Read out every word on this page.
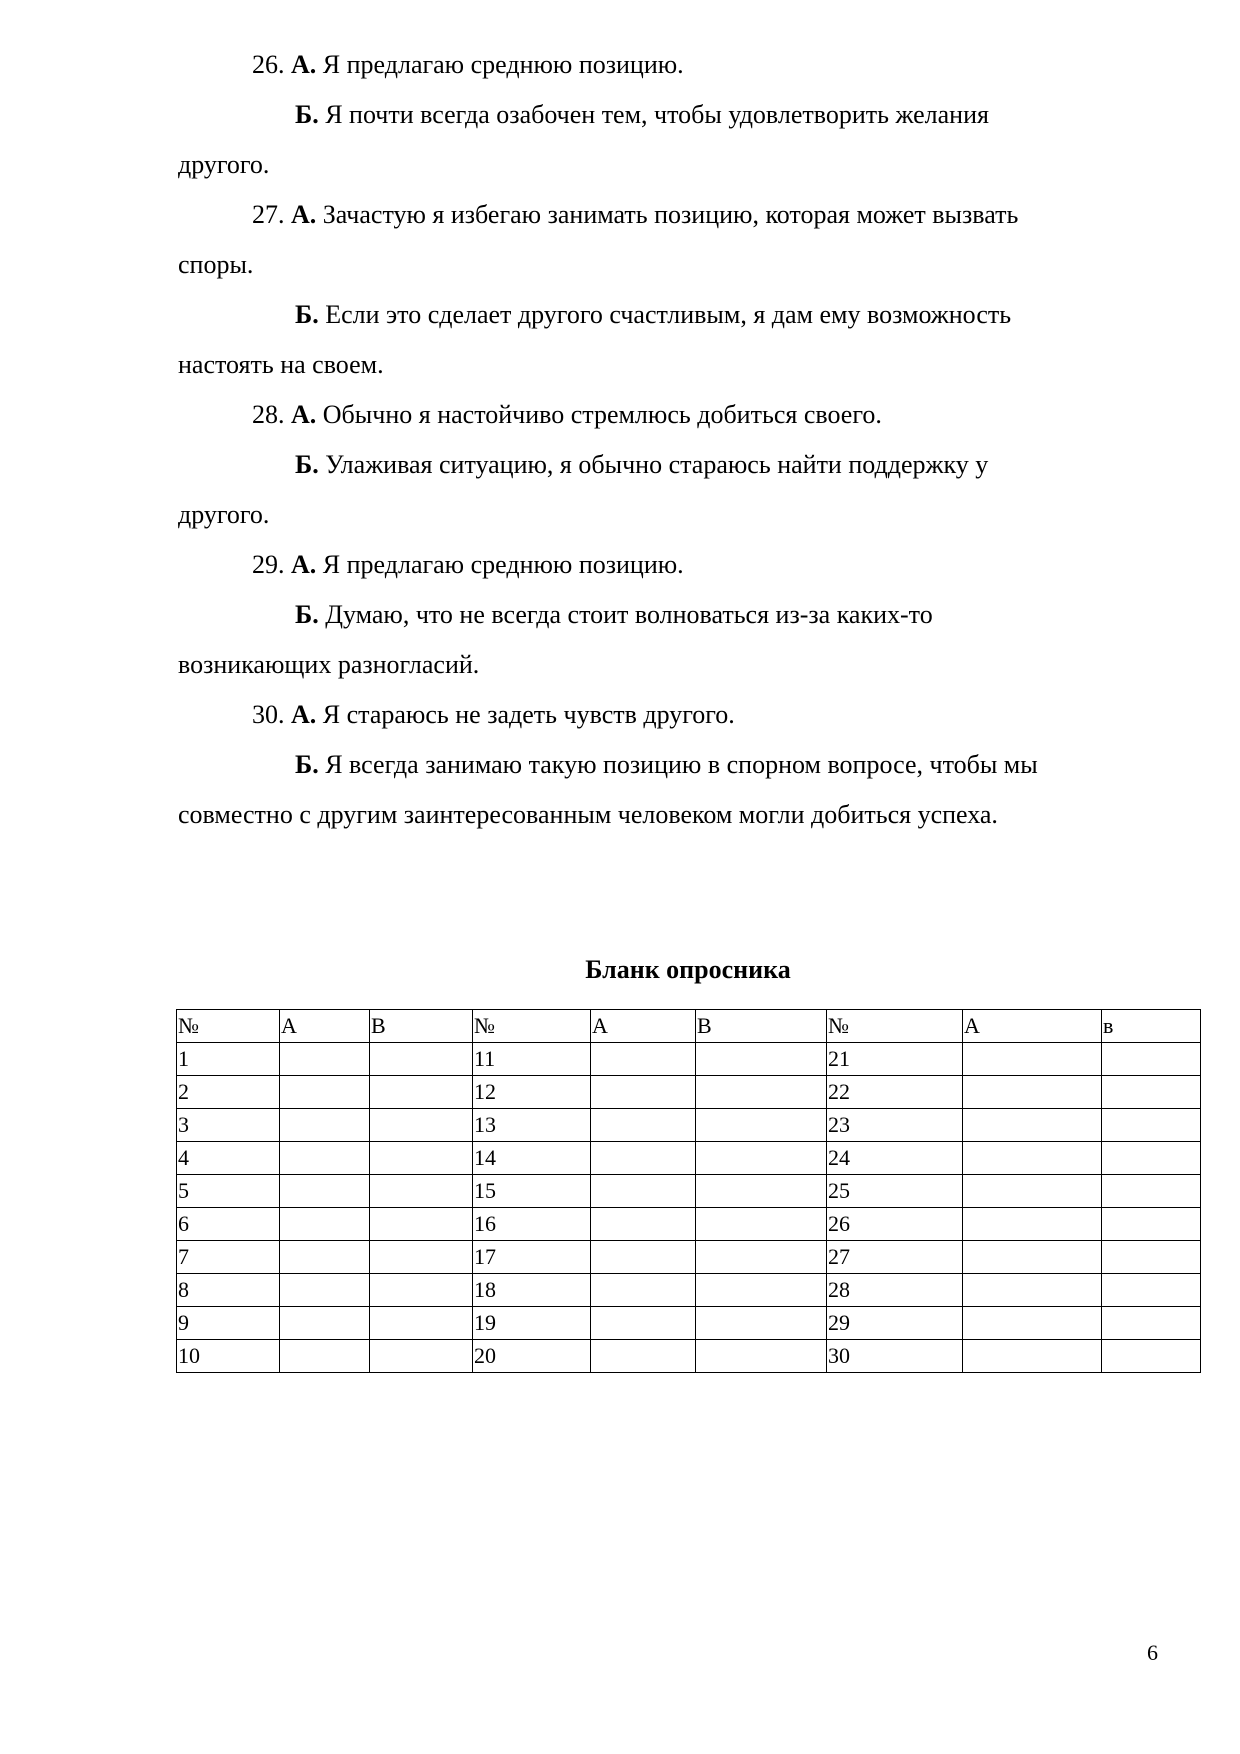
26. А. Я предлагаю среднюю позицию.
Б. Я почти всегда озабочен тем, чтобы удовлетворить желания
другого.
27. А. Зачастую я избегаю занимать позицию, которая может вызвать
споры.
Б. Если это сделает другого счастливым, я дам ему возможность
настоять на своем.
28. А. Обычно я настойчиво стремлюсь добиться своего.
Б. Улаживая ситуацию, я обычно стараюсь найти поддержку у
другого.
29. А. Я предлагаю среднюю позицию.
Б. Думаю, что не всегда стоит волноваться из-за каких-то
возникающих разногласий.
30. А. Я стараюсь не задеть чувств другого.
Б. Я всегда занимаю такую позицию в спорном вопросе, чтобы мы
совместно с другим заинтересованным человеком могли добиться успеха.
Бланк опросника
№	А	В	№	А	В	№	А	в
1			11			21		
2			12			22		
3			13			23		
4			14			24		
5			15			25		
6			16			26		
7			17			27		
8			18			28		
9			19			29		
10			20			30		
6
